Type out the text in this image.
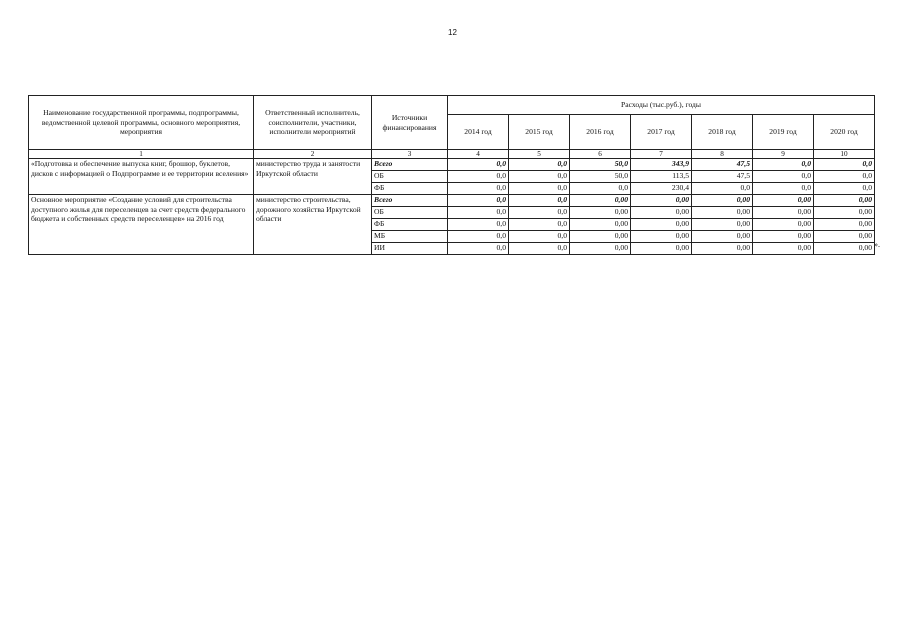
12
Наименование государственной программы, подпрограммы, ведомственной целевой программы, основного мероприятия, мероприятия	Ответственный исполнитель, соисполнители, участники, исполнители мероприятий	Источники финансирования	Расходы (тыс.руб.), годы						
			2014 год	2015 год	2016 год	2017 год	2018 год	2019 год	2020 год
1	2	3	4	5	6	7	8	9	10
«Подготовка и обеспечение выпуска книг, брошюр, буклетов, дисков с информацией о Подпрограмме и ее территории вселения»	министерство труда и занятости Иркутской области	Всего	0,0	0,0	50,0	343,9	47,5	0,0	0,0
		ОБ	0,0	0,0	50,0	113,5	47,5	0,0	0,0
		ФБ	0,0	0,0	0,0	230,4	0,0	0,0	0,0
Основное мероприятие «Создание условий для строительства доступного жилья для переселенцев за счет средств федерального бюджета и собственных средств переселенцев» на 2016 год	министерство строительства, дорожного хозяйства Иркутской области	Всего	0,0	0,0	0,00	0,00	0,00	0,00	0,00
		ОБ	0,0	0,0	0,00	0,00	0,00	0,00	0,00
		ФБ	0,0	0,0	0,00	0,00	0,00	0,00	0,00
		МБ	0,0	0,0	0,00	0,00	0,00	0,00	0,00
		ИИ	0,0	0,0	0,00	0,00	0,00	0,00	0,00 ».
